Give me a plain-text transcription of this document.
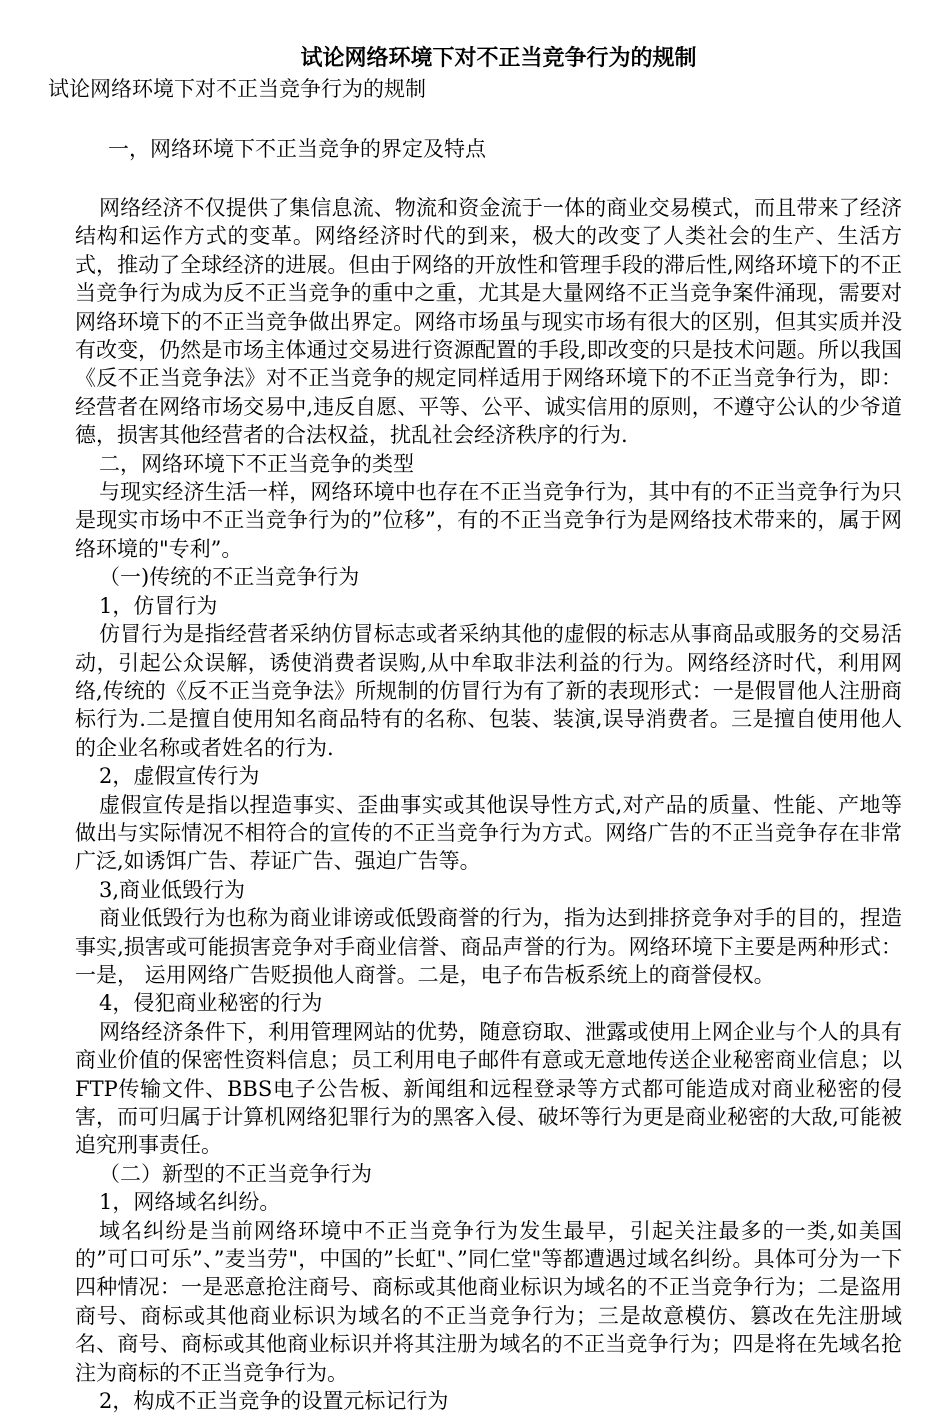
试论网络环境下对不正当竞争行为的规制
试论网络环境下对不正当竞争行为的规制
一，网络环境下不正当竞争的界定及特点

网络经济不仅提供了集信息流、物流和资金流于一体的商业交易模式，而且带来了经济结构和运作方式的变革。网络经济时代的到来，极大的改变了人类社会的生产、生活方式，推动了全球经济的进展。但由于网络的开放性和管理手段的滞后性,网络环境下的不正当竞争行为成为反不正当竞争的重中之重，尤其是大量网络不正当竞争案件涌现，需要对网络环境下的不正当竞争做出界定。网络市场虽与现实市场有很大的区别，但其实质并没有改变，仍然是市场主体通过交易进行资源配置的手段,即改变的只是技术问题。所以我国《反不正当竞争法》对不正当竞争的规定同样适用于网络环境下的不正当竞争行为，即：经营者在网络市场交易中,违反自愿、平等、公平、诚实信用的原则，不遵守公认的少爷道德，损害其他经营者的合法权益，扰乱社会经济秩序的行为.

二，网络环境下不正当竞争的类型

与现实经济生活一样，网络环境中也存在不正当竞争行为，其中有的不正当竞争行为只是现实市场中不正当竞争行为的”位移”，有的不正当竞争行为是网络技术带来的，属于网络环境的"专利”。

（一)传统的不正当竞争行为

1，仿冒行为

仿冒行为是指经营者采纳仿冒标志或者采纳其他的虚假的标志从事商品或服务的交易活动，引起公众误解，诱使消费者误购,从中牟取非法利益的行为。网络经济时代，利用网络,传统的《反不正当竞争法》所规制的仿冒行为有了新的表现形式：一是假冒他人注册商标行为.二是擅自使用知名商品特有的名称、包装、装演,误导消费者。三是擅自使用他人的企业名称或者姓名的行为.

2，虚假宣传行为

虚假宣传是指以捏造事实、歪曲事实或其他误导性方式,对产品的质量、性能、产地等做出与实际情况不相符合的宣传的不正当竞争行为方式。网络广告的不正当竞争存在非常广泛,如诱饵广告、荐证广告、强迫广告等。

3,商业低毁行为

商业低毁行为也称为商业诽谤或低毁商誉的行为，指为达到排挤竞争对手的目的，捏造事实,损害或可能损害竞争对手商业信誉、商品声誉的行为。网络环境下主要是两种形式：一是， 运用网络广告贬损他人商誉。二是，电子布告板系统上的商誉侵权。

4，侵犯商业秘密的行为

网络经济条件下，利用管理网站的优势，随意窃取、泄露或使用上网企业与个人的具有商业价值的保密性资料信息；员工利用电子邮件有意或无意地传送企业秘密商业信息；以FTP传输文件、BBS电子公告板、新闻组和远程登录等方式都可能造成对商业秘密的侵害，而可归属于计算机网络犯罪行为的黑客入侵、破坏等行为更是商业秘密的大敌,可能被追究刑事责任。

（二）新型的不正当竞争行为

1，网络域名纠纷。

域名纠纷是当前网络环境中不正当竞争行为发生最早，引起关注最多的一类,如美国的”可口可乐”、”麦当劳"，中国的”长虹"、”同仁堂"等都遭遇过域名纠纷。具体可分为一下四种情况：一是恶意抢注商号、商标或其他商业标识为域名的不正当竞争行为；二是盗用商号、商标或其他商业标识为域名的不正当竞争行为；三是故意模仿、篡改在先注册域名、商号、商标或其他商业标识并将其注册为域名的不正当竞争行为；四是将在先域名抢注为商标的不正当竞争行为。

2，构成不正当竞争的设置元标记行为
